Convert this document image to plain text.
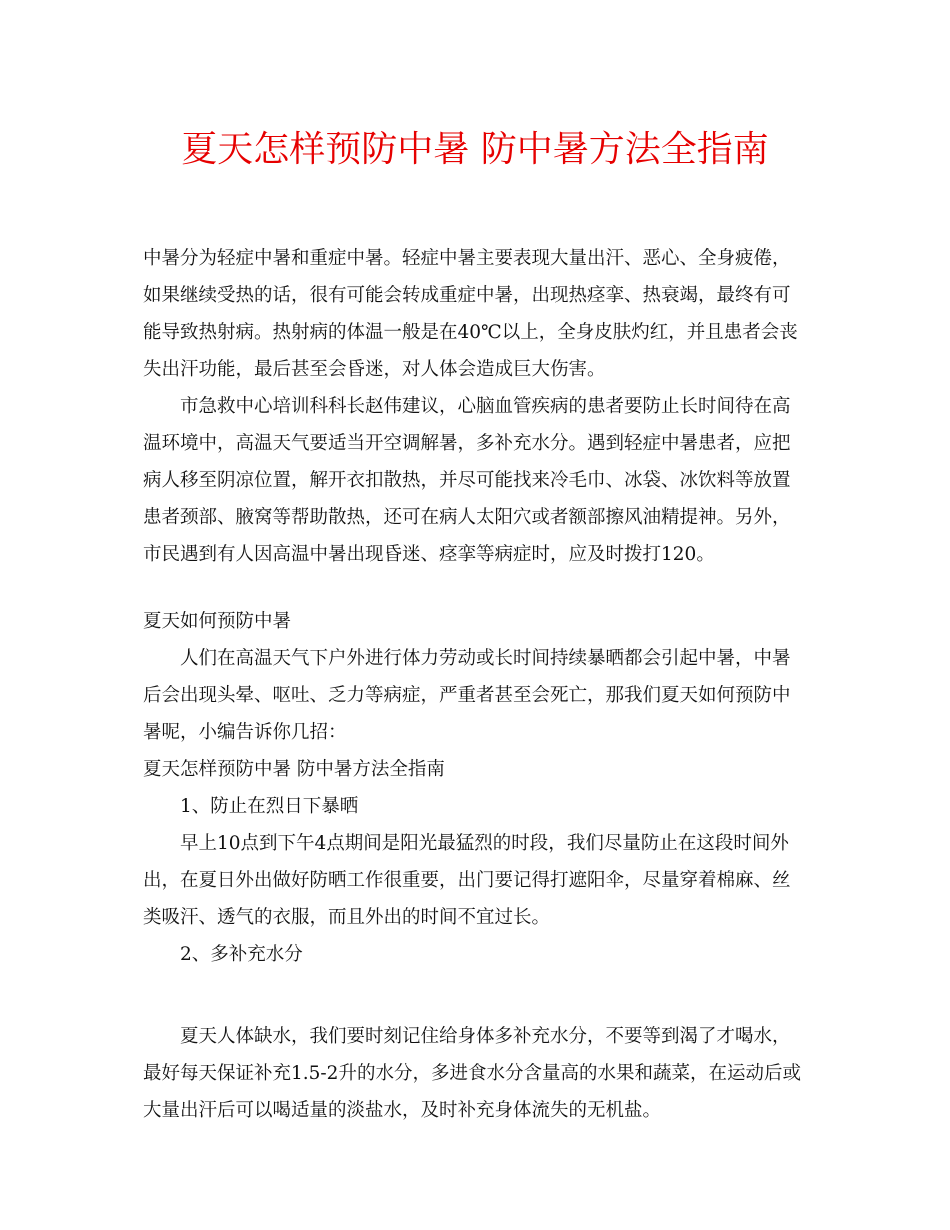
夏天怎样预防中暑 防中暑方法全指南

中暑分为轻症中暑和重症中暑。轻症中暑主要表现大量出汗、恶心、全身疲倦，如果继续受热的话，很有可能会转成重症中暑，出现热痉挛、热衰竭，最终有可能导致热射病。热射病的体温一般是在40℃以上，全身皮肤灼红，并且患者会丧失出汗功能，最后甚至会昏迷，对人体会造成巨大伤害。

市急救中心培训科科长赵伟建议，心脑血管疾病的患者要防止长时间待在高温环境中，高温天气要适当开空调解暑，多补充水分。遇到轻症中暑患者，应把病人移至阴凉位置，解开衣扣散热，并尽可能找来冷毛巾、冰袋、冰饮料等放置患者颈部、腋窝等帮助散热，还可在病人太阳穴或者额部擦风油精提神。另外，市民遇到有人因高温中暑出现昏迷、痉挛等病症时，应及时拨打120。

夏天如何预防中暑

人们在高温天气下户外进行体力劳动或长时间持续暴晒都会引起中暑，中暑后会出现头晕、呕吐、乏力等病症，严重者甚至会死亡，那我们夏天如何预防中暑呢，小编告诉你几招：

夏天怎样预防中暑 防中暑方法全指南

1、防止在烈日下暴晒

早上10点到下午4点期间是阳光最猛烈的时段，我们尽量防止在这段时间外出，在夏日外出做好防晒工作很重要，出门要记得打遮阳伞，尽量穿着棉麻、丝类吸汗、透气的衣服，而且外出的时间不宜过长。

2、多补充水分

夏天人体缺水，我们要时刻记住给身体多补充水分，不要等到渴了才喝水，最好每天保证补充1.5-2升的水分，多进食水分含量高的水果和蔬菜，在运动后或大量出汗后可以喝适量的淡盐水，及时补充身体流失的无机盐。
